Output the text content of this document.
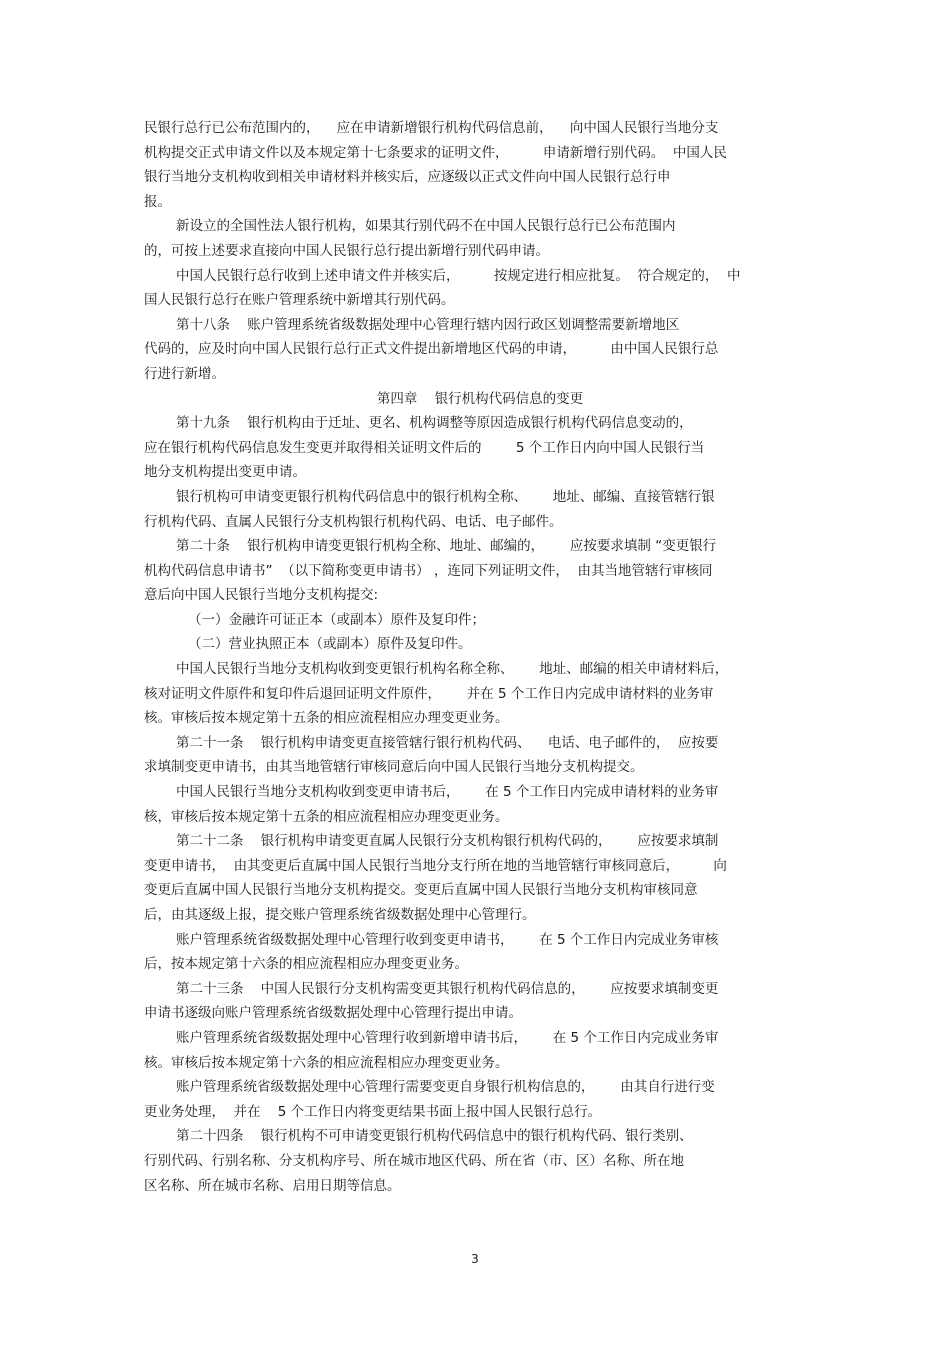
民银行总行已公布范围内的，    应在申请新增银行机构代码信息前，    向中国人民银行当地分支
机构提交正式申请文件以及本规定第十七条要求的证明文件，        申请新增行别代码。  中国人民
银行当地分支机构收到相关申请材料并核实后，应逐级以正式文件向中国人民银行总行申
报。
新设立的全国性法人银行机构，如果其行别代码不在中国人民银行总行已公布范围内
的，可按上述要求直接向中国人民银行总行提出新增行别代码申请。
中国人民银行总行收到上述申请文件并核实后，        按规定进行相应批复。  符合规定的，  中
国人民银行总行在账户管理系统中新增其行别代码。
第十八条    账户管理系统省级数据处理中心管理行辖内因行政区划调整需要新增地区
代码的，应及时向中国人民银行总行正式文件提出新增地区代码的申请，        由中国人民银行总
行进行新增。
第四章    银行机构代码信息的变更
第十九条    银行机构由于迁址、更名、机构调整等原因造成银行机构代码信息变动的，
应在银行机构代码信息发生变更并取得相关证明文件后的        5 个工作日内向中国人民银行当
地分支机构提出变更申请。
银行机构可申请变更银行机构代码信息中的银行机构全称、      地址、邮编、直接管辖行银
行机构代码、直属人民银行分支机构银行机构代码、电话、电子邮件。
第二十条    银行机构申请变更银行机构全称、地址、邮编的，      应按要求填制 “变更银行
机构代码信息申请书”  （以下简称变更申请书） ，连同下列证明文件，  由其当地管辖行审核同
意后向中国人民银行当地分支机构提交:
（一）金融许可证正本（或副本）原件及复印件；
（二）营业执照正本（或副本）原件及复印件。
中国人民银行当地分支机构收到变更银行机构名称全称、      地址、邮编的相关申请材料后，
核对证明文件原件和复印件后退回证明文件原件，      并在 5 个工作日内完成申请材料的业务审
核。审核后按本规定第十五条的相应流程相应办理变更业务。
第二十一条    银行机构申请变更直接管辖行银行机构代码、    电话、电子邮件的，  应按要
求填制变更申请书，由其当地管辖行审核同意后向中国人民银行当地分支机构提交。
中国人民银行当地分支机构收到变更申请书后，      在 5 个工作日内完成申请材料的业务审
核，审核后按本规定第十五条的相应流程相应办理变更业务。
第二十二条    银行机构申请变更直属人民银行分支机构银行机构代码的，      应按要求填制
变更申请书，  由其变更后直属中国人民银行当地分支行所在地的当地管辖行审核同意后，        向
变更后直属中国人民银行当地分支机构提交。变更后直属中国人民银行当地分支机构审核同意
后，由其逐级上报，提交账户管理系统省级数据处理中心管理行。
账户管理系统省级数据处理中心管理行收到变更申请书，      在 5 个工作日内完成业务审核
后，按本规定第十六条的相应流程相应办理变更业务。
第二十三条    中国人民银行分支机构需变更其银行机构代码信息的，      应按要求填制变更
申请书逐级向账户管理系统省级数据处理中心管理行提出申请。
账户管理系统省级数据处理中心管理行收到新增申请书后，      在 5 个工作日内完成业务审
核。审核后按本规定第十六条的相应流程相应办理变更业务。
账户管理系统省级数据处理中心管理行需要变更自身银行机构信息的，      由其自行进行变
更业务处理，  并在    5 个工作日内将变更结果书面上报中国人民银行总行。
第二十四条    银行机构不可申请变更银行机构代码信息中的银行机构代码、银行类别、
行别代码、行别名称、分支机构序号、所在城市地区代码、所在省（市、区）名称、所在地
区名称、所在城市名称、启用日期等信息。
3
